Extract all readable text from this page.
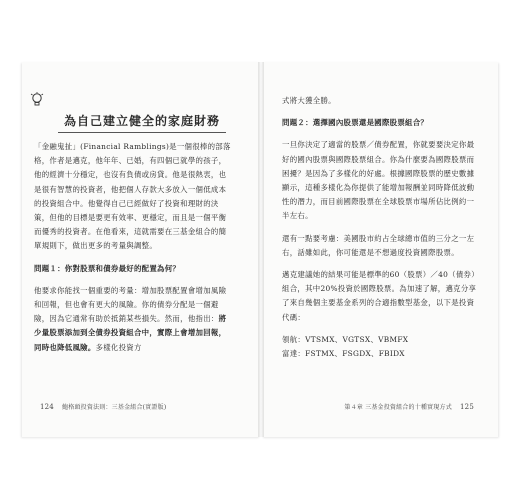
為自己建立健全的家庭財務

「金融鬼扯」(Financial Ramblings)是一個很棒的部落格，作者是邁克，他年年、已婚，有四個已就學的孩子，他的經濟十分穩定，也沒有負債或房貸。他是很熱衷，也是很有智慧的投資者，他把個人存款大多放入一個低成本的投資組合中。他覺得自己已經做好了投資和理財的決策，但他的目標是要更有效率、更穩定，而且是一個平衡而優秀的投資者。在他看來，這就需要在三基金組合的簡單規則下，做出更多的考量與調整。

問題１：你對股票和債券最好的配置為何？

他要求你能找一個重要的考量：增加股票配置會增加風險和回報，但也會有更大的風險。你的債券分配是一個避險，因為它通常有助於抵銷某些損失。然而，他指出：將少量股票添加到全債券投資組合中，實際上會增加回報，同時也降低風險。多樣化投資方

式將大獲全勝。

問題２：選擇國內股票還是國際股票組合？

一旦你決定了適當的股票／債券配置，你就要要決定你最好的國內股票與國際股票組合。你為什麼要為國際股票而困擾？是因為了多樣化的好處。根據國際股票的歷史數據顯示，這種多樣化為你提供了能增加報酬並同時降低波動性的潛力，而目前國際股票在全球股票市場所佔比例約一半左右。

還有一點要考慮：美國股市約占全球總市值的三分之一左右，話雖如此，你可能還是不想過度投資國際股票。

邁克建議她的結果可能是標準的60（股票）／40（債券）組合，其中20%投資於國際股票。為加速了解，邁克分享了來自幾個主要基金系列的合適指數型基金，以下是投資代碼：

領航：VTSMX、VGTSX、VBMFX
富達：FSTMX、FSGDX、FBIDX

124 鮑格頭投資法則：三基金組合(實證版)	第４章 三基金投資組合的十種實現方式 125
